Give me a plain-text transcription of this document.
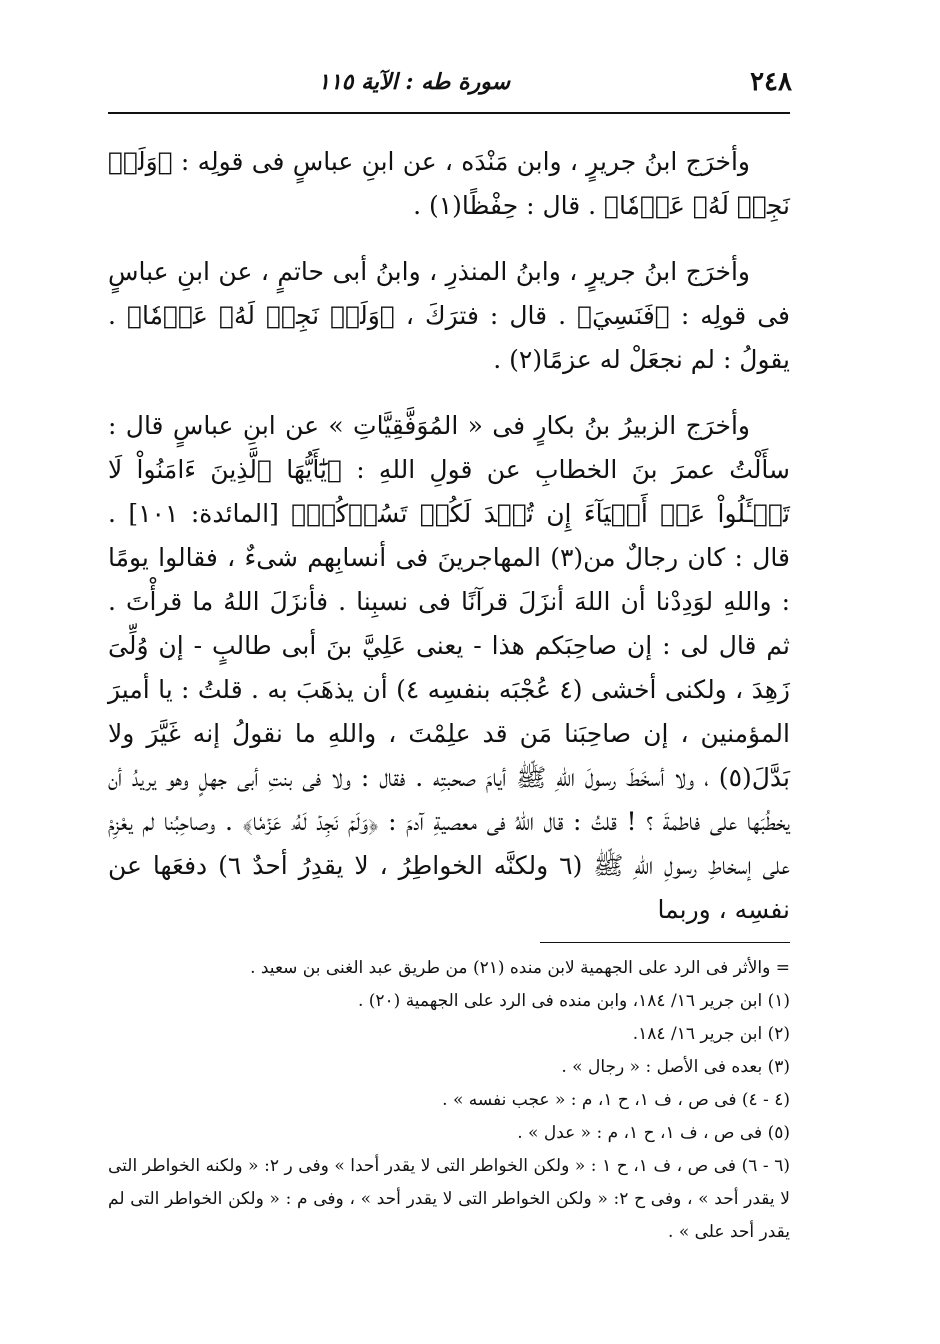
٢٤٨
سورة طه : الآية ١١٥

وأخرَج ابنُ جريرٍ ، وابن مَنْدَه ، عن ابنِ عباسٍ فى قولِه : ﴿وَلَمۡ نَجِدۡ لَهُۥ عَزۡمٗا﴾ . قال : حِفْظًا(١) .

وأخرَج ابنُ جريرٍ ، وابنُ المنذرِ ، وابنُ أبى حاتمٍ ، عن ابنِ عباسٍ فى قولِه : ﴿فَنَسِيَ﴾ . قال : فترَكَ ، ﴿وَلَمۡ نَجِدۡ لَهُۥ عَزۡمٗا﴾ . يقولُ : لم نجعَلْ له عزمًا(٢) .

وأخرَج الزبيرُ بنُ بكارٍ فى « المُوَفَّقِيَّاتِ » عن ابنِ عباسٍ قال : سأَلْتُ عمرَ بنَ الخطابِ عن قولِ اللهِ : ﴿يَٰٓأَيُّهَا ٱلَّذِينَ ءَامَنُواْ لَا تَسۡـَٔلُواْ عَنۡ أَشۡيَآءَ إِن تُبۡدَ لَكُمۡ تَسُؤۡكُمۡ﴾ [المائدة: ١٠١] . قال : كان رجالٌ من(٣) المهاجرينَ فى أنسابِهم شىءٌ ، فقالوا يومًا : واللهِ لوَدِدْنا أن اللهَ أنزَلَ قرآنًا فى نسبِنا . فأنزَلَ اللهُ ما قرأْتَ . ثم قال لى : إن صاحِبَكم هذا - يعنى عَلِيَّ بنَ أبى طالبٍ - إن وُلِّىَ زَهِدَ ، ولكنى أخشى (٤ عُجْبَه بنفسِه ٤) أن يذهَبَ به . قلتُ : يا أميرَ المؤمنين ، إن صاحِبَنا مَن قد علِمْتَ ، واللهِ ما نقولُ إنه غَيَّرَ ولا بَدَّلَ(٥) ، ولا أسخَطَ رسولَ اللهِ ﷺ أيامَ صحبتِه . فقال : ولا فى بنتِ أبى جهلٍ وهو يريدُ أن يخطُبَها على فاطمةَ ؟ ! قلتُ : قال اللهُ فى معصيةِ آدمَ : ﴿وَلَمۡ نَجِدۡ لَهُۥ عَزۡمٗا﴾ . وصاحِبُنا لم يعْزِمْ على إسخاطِ رسولِ اللهِ ﷺ (٦ ولكنَّه الخواطِرُ ، لا يقدِرُ أحدٌ ٦) دفعَها عن نفسِه ، وربما

= والأثر فى الرد على الجهمية لابن منده (٢١) من طريق عبد الغنى بن سعيد .
(١) ابن جرير ١٦/ ١٨٤، وابن منده فى الرد على الجهمية (٢٠) .
(٢) ابن جرير ١٦/ ١٨٤.
(٣) بعده فى الأصل : « رجال » .
(٤ - ٤) فى ص ، ف ١، ح ١، م : « عجب نفسه » .
(٥) فى ص ، ف ١، ح ١، م : « عدل » .
(٦ - ٦) فى ص ، ف ١، ح ١ : « ولكن الخواطر التى لا يقدر أحدا » وفى ر ٢: « ولكنه الخواطر التى لا يقدر أحد » ، وفى ح ٢: « ولكن الخواطر التى لا يقدر أحد » ، وفى م : « ولكن الخواطر التى لم يقدر أحد على » .
